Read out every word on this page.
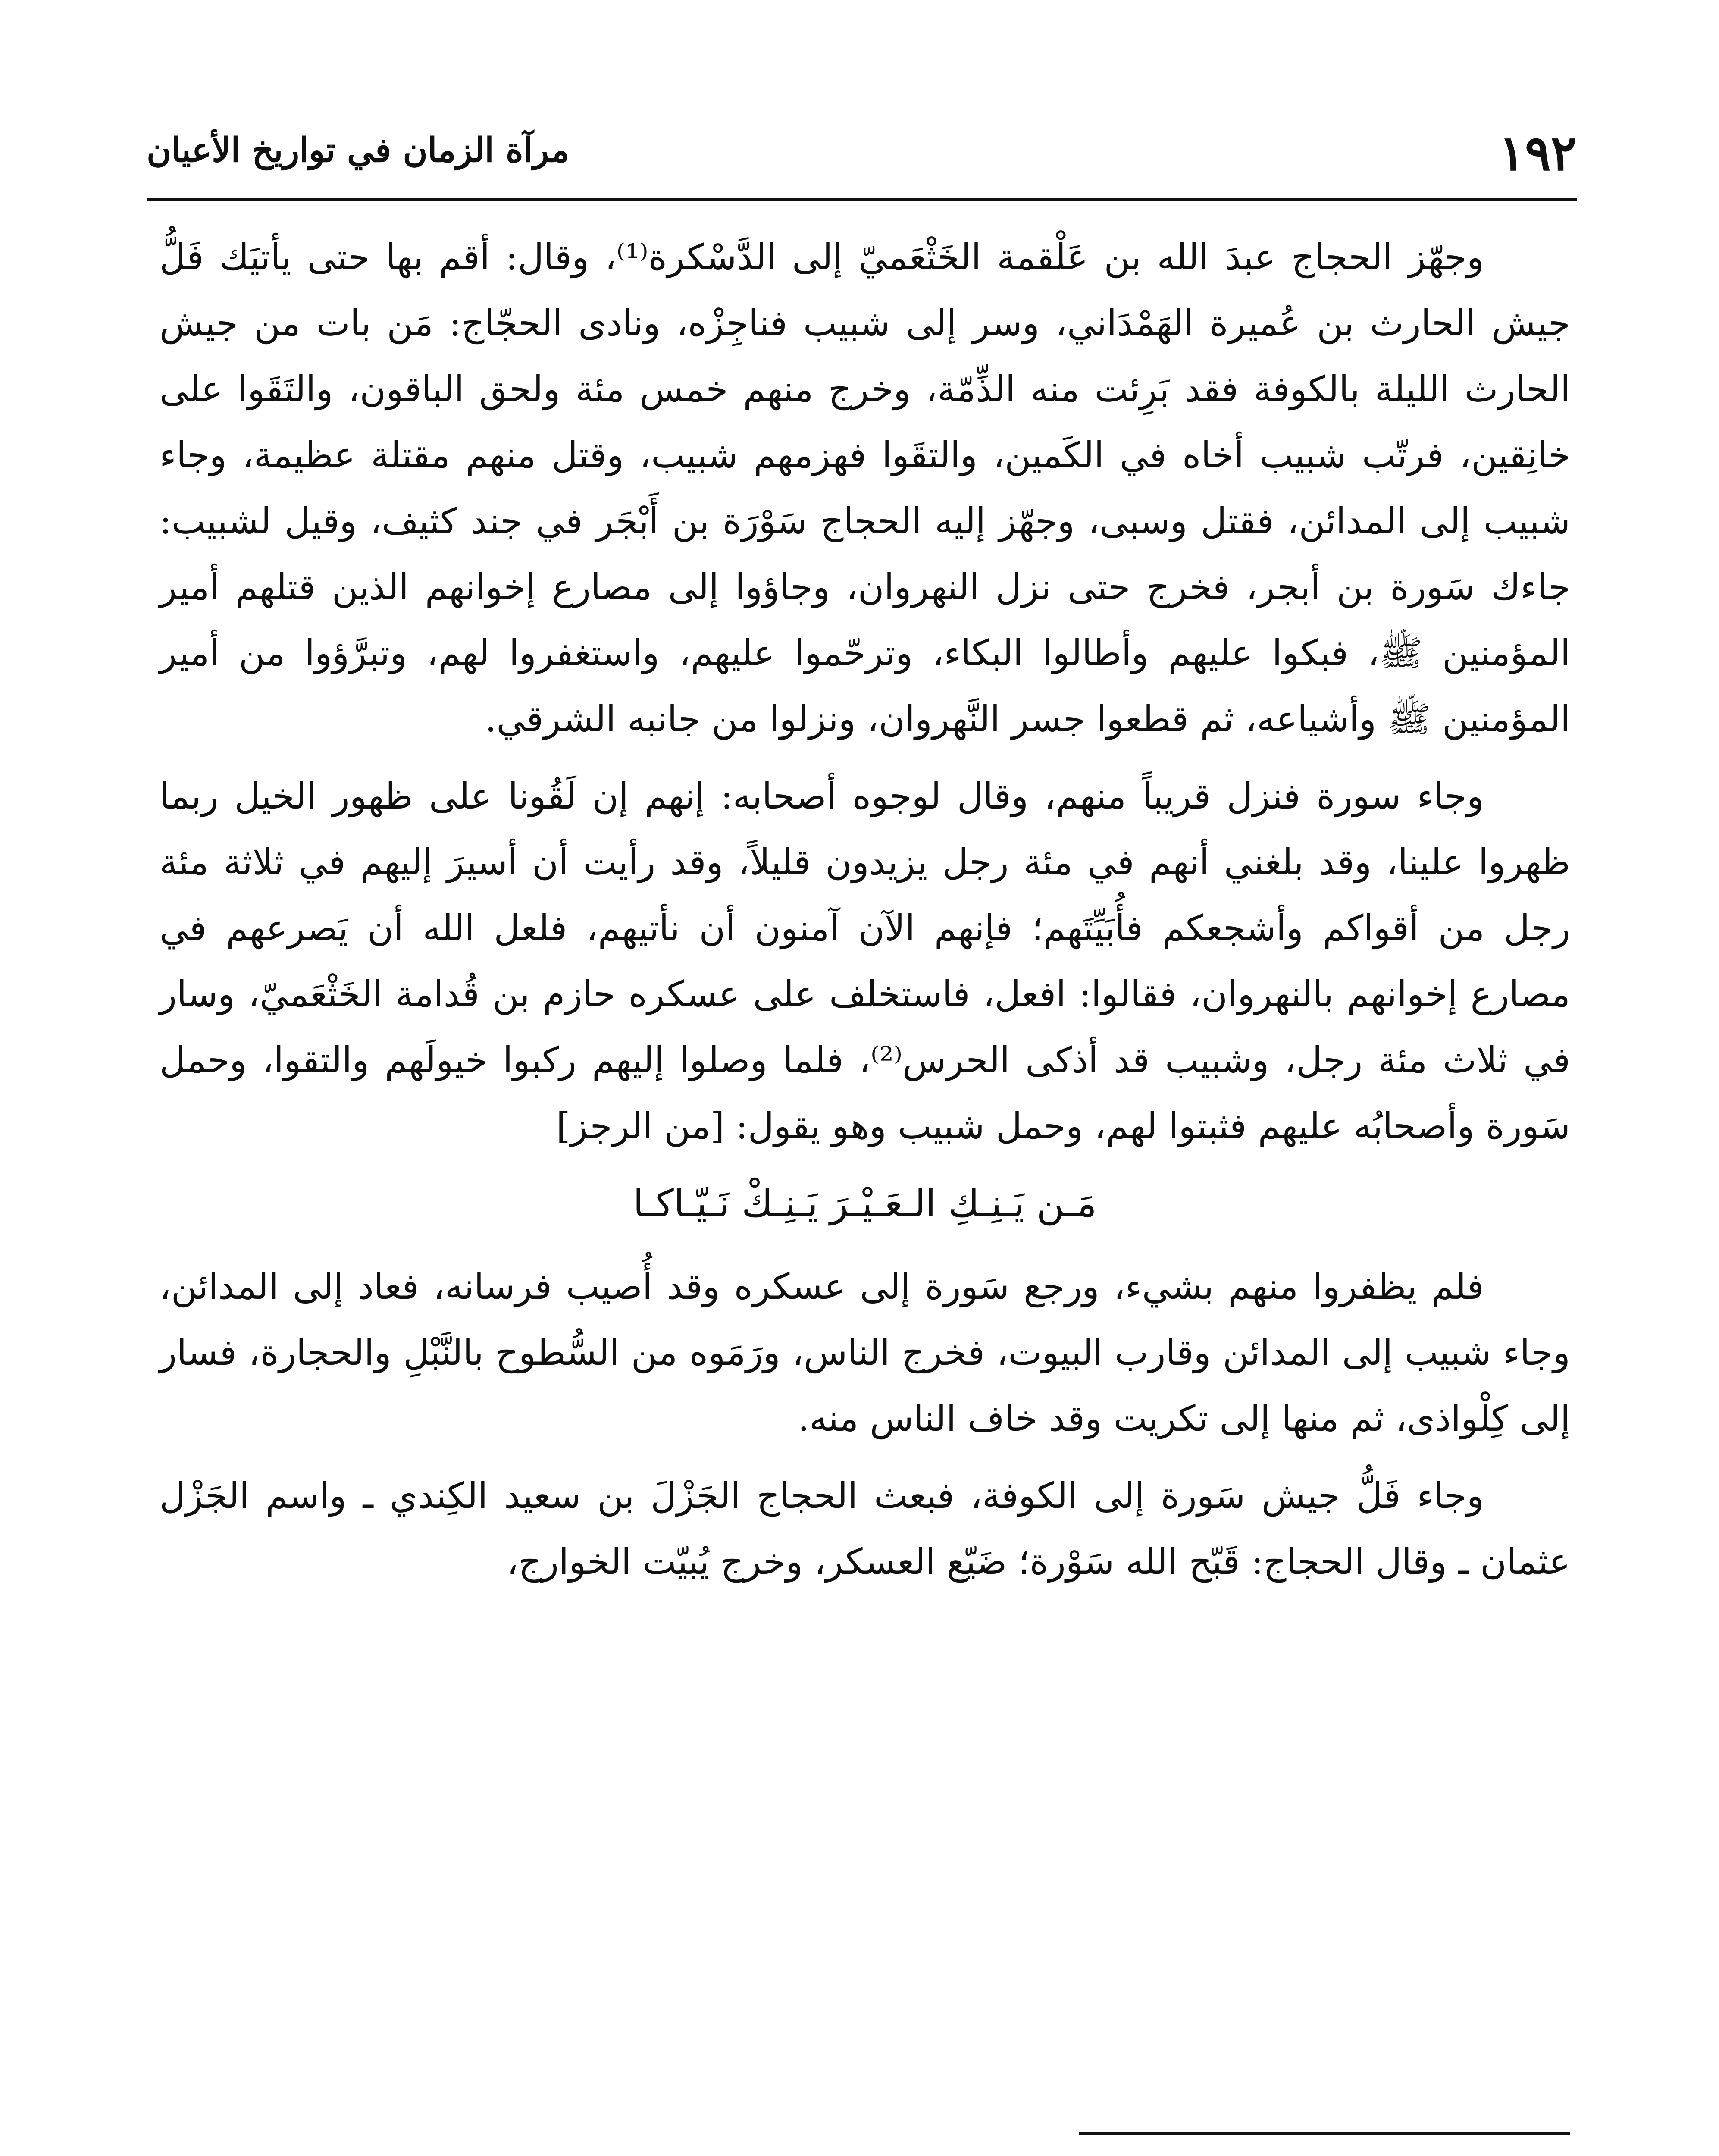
١٩٢
مرآة الزمان في تواريخ الأعيان

وجهّز الحجاج عبدَ الله بن عَلْقمة الخَثْعَميّ إلى الدَّسْكرة⁽¹⁾، وقال: أقم بها حتى يأتيَك فَلُّ جيش الحارث بن عُميرة الهَمْدَاني، وسر إلى شبيب فناجِزْه، ونادى الحجّاج: مَن بات من جيش الحارث الليلة بالكوفة فقد بَرِئت منه الذِّمّة، وخرج منهم خمس مئة ولحق الباقون، والتَقَوا على خانِقين، فرتّب شبيب أخاه في الكَمين، والتقَوا فهزمهم شبيب، وقتل منهم مقتلة عظيمة، وجاء شبيب إلى المدائن، فقتل وسبى، وجهّز إليه الحجاج سَوْرَة بن أَبْجَر في جند كثيف، وقيل لشبيب: جاءك سَورة بن أبجر، فخرج حتى نزل النهروان، وجاؤوا إلى مصارع إخوانهم الذين قتلهم أمير المؤمنين ﷺ، فبكوا عليهم وأطالوا البكاء، وترحّموا عليهم، واستغفروا لهم، وتبرَّؤوا من أمير المؤمنين ﷺ وأشياعه، ثم قطعوا جسر النَّهروان، ونزلوا من جانبه الشرقي.

وجاء سورة فنزل قريباً منهم، وقال لوجوه أصحابه: إنهم إن لَقُونا على ظهور الخيل ربما ظهروا علينا، وقد بلغني أنهم في مئة رجل يزيدون قليلاً، وقد رأيت أن أسيرَ إليهم في ثلاثة مئة رجل من أقواكم وأشجعكم فأُبَيِّتَهم؛ فإنهم الآن آمنون أن نأتيهم، فلعل الله أن يَصرعهم في مصارع إخوانهم بالنهروان، فقالوا: افعل، فاستخلف على عسكره حازم بن قُدامة الخَثْعَميّ، وسار في ثلاث مئة رجل، وشبيب قد أذكى الحرس⁽²⁾، فلما وصلوا إليهم ركبوا خيولَهم والتقوا، وحمل سَورة وأصحابُه عليهم فثبتوا لهم، وحمل شبيب وهو يقول: [من الرجز]

مَـن يَـنِـكِ الـعَـيْـرَ يَـنِـكْ نَـيّـاكـا

فلم يظفروا منهم بشيء، ورجع سَورة إلى عسكره وقد أُصيب فرسانه، فعاد إلى المدائن، وجاء شبيب إلى المدائن وقارب البيوت، فخرج الناس، ورَمَوه من السُّطوح بالنَّبْلِ والحجارة، فسار إلى كِلْواذى، ثم منها إلى تكريت وقد خاف الناس منه.

وجاء فَلُّ جيش سَورة إلى الكوفة، فبعث الحجاج الجَزْلَ بن سعيد الكِندي ـ واسم الجَزْل عثمان ـ وقال الحجاج: قَبّح الله سَوْرة؛ ضَيّع العسكر، وخرج يُبيّت الخوارج،
